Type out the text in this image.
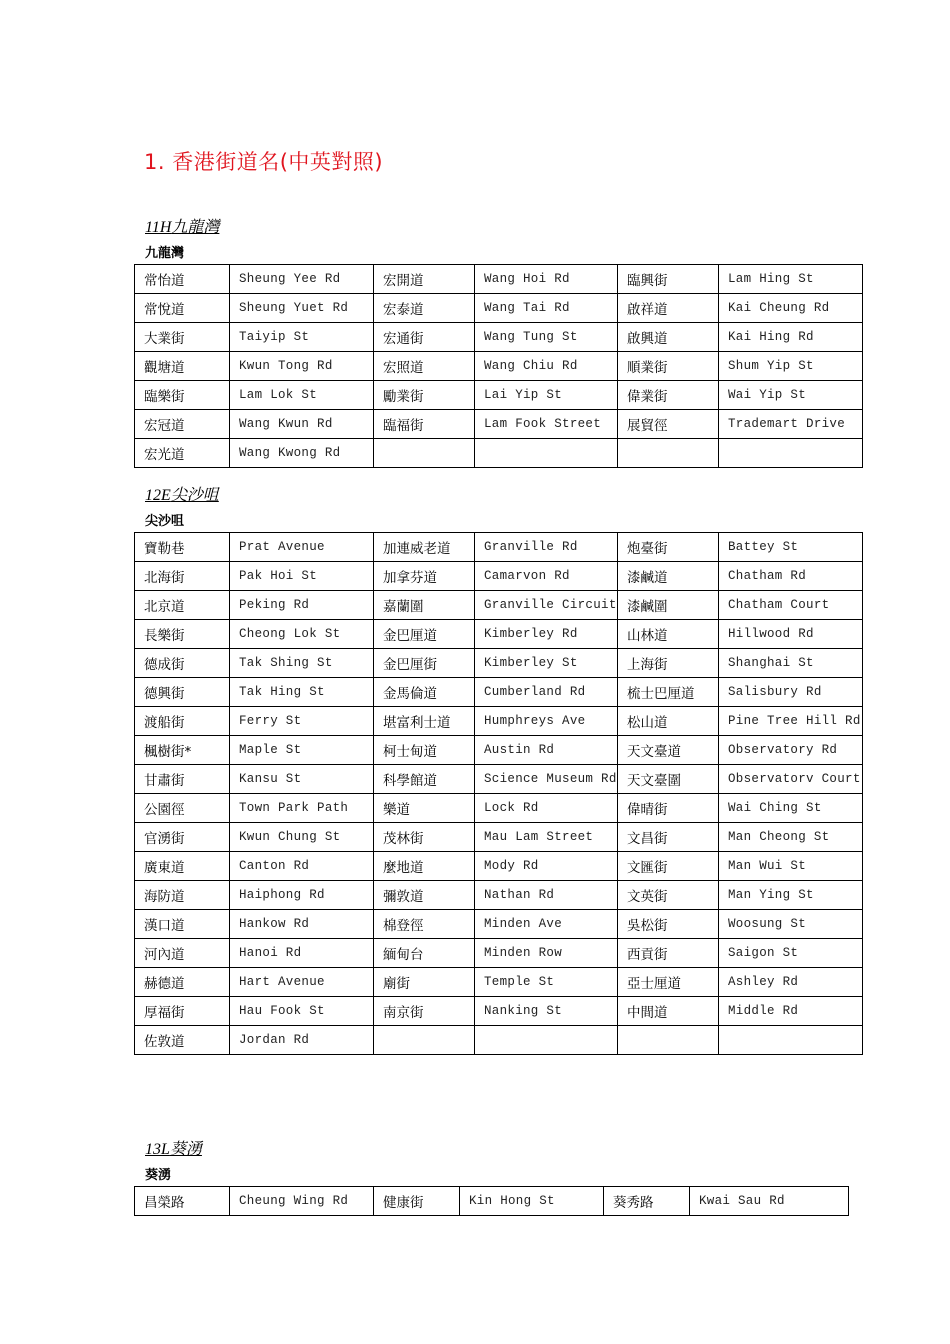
1. 香港街道名(中英對照)

11H九龍灣

九龍灣

常怡道	Sheung Yee Rd	宏開道	Wang Hoi Rd	臨興街	Lam Hing St
常悅道	Sheung Yuet Rd	宏泰道	Wang Tai Rd	啟祥道	Kai Cheung Rd
大業街	Taiyip St	宏通街	Wang Tung St	啟興道	Kai Hing Rd
觀塘道	Kwun Tong Rd	宏照道	Wang Chiu Rd	順業街	Shum Yip St
臨樂街	Lam Lok St	勵業街	Lai Yip St	偉業街	Wai Yip St
宏冠道	Wang Kwun Rd	臨福街	Lam Fook Street	展貿徑	Trademart Drive
宏光道	Wang Kwong Rd				

12E尖沙咀

尖沙咀

寶勒巷	Prat Avenue	加連威老道	Granville Rd	炮臺街	Battey St
北海街	Pak Hoi St	加拿芬道	Camarvon Rd	漆鹹道	Chatham Rd
北京道	Peking Rd	嘉蘭圍	Granville Circuit	漆鹹圍	Chatham Court
長樂街	Cheong Lok St	金巴厘道	Kimberley Rd	山林道	Hillwood Rd
德成街	Tak Shing St	金巴厘街	Kimberley St	上海街	Shanghai St
德興街	Tak Hing St	金馬倫道	Cumberland Rd	梳士巴厘道	Salisbury Rd
渡船街	Ferry St	堪富利士道	Humphreys Ave	松山道	Pine Tree Hill Rd
楓樹街*	Maple St	柯士甸道	Austin Rd	天文臺道	Observatory Rd
甘肅街	Kansu St	科學館道	Science Museum Rd	天文臺圍	Observatorv Court
公園徑	Town Park Path	樂道	Lock Rd	偉晴街	Wai Ching St
官湧街	Kwun Chung St	茂林街	Mau Lam Street	文昌街	Man Cheong St
廣東道	Canton Rd	麼地道	Mody Rd	文匯街	Man Wui St
海防道	Haiphong Rd	彌敦道	Nathan Rd	文英街	Man Ying St
漢口道	Hankow Rd	棉登徑	Minden Ave	吳松街	Woosung St
河內道	Hanoi Rd	緬甸台	Minden Row	西貢街	Saigon St
赫德道	Hart Avenue	廟街	Temple St	亞士厘道	Ashley Rd
厚福街	Hau Fook St	南京街	Nanking St	中間道	Middle Rd
佐敦道	Jordan Rd				

13L葵湧

葵湧

昌榮路	Cheung Wing Rd	健康街	Kin Hong St	葵秀路	Kwai Sau Rd
